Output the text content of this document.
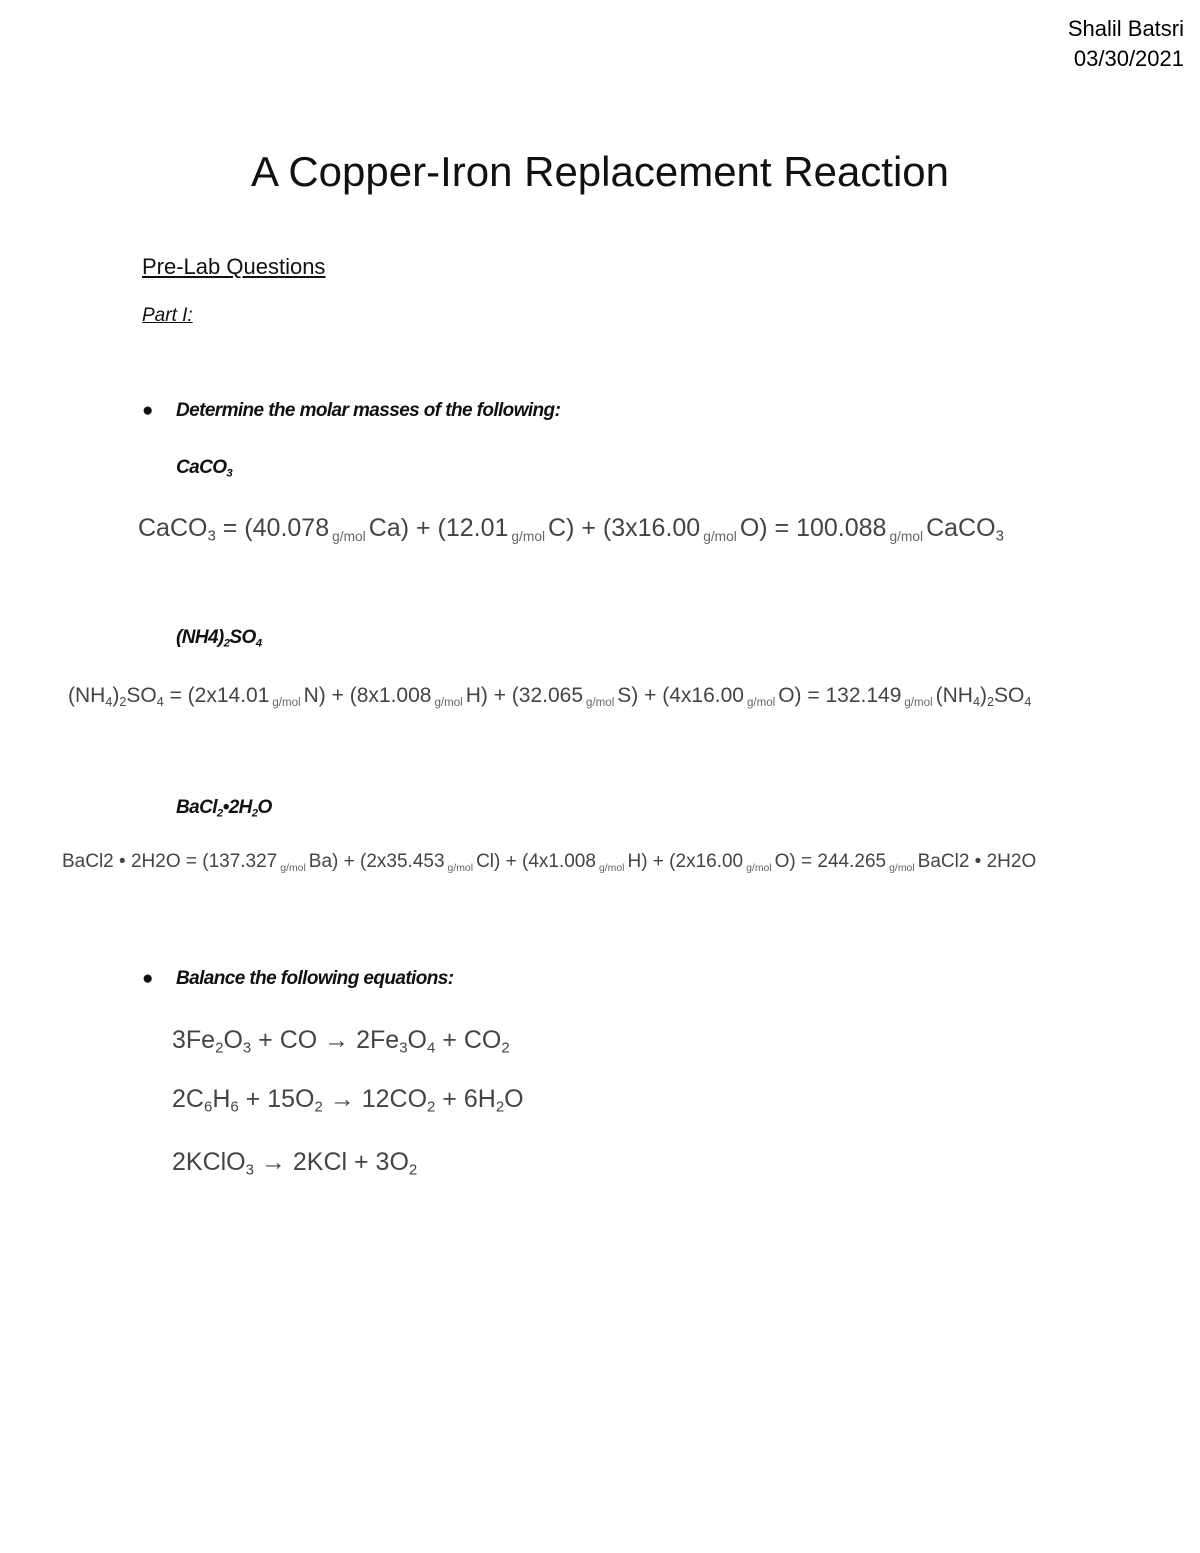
Shalil Batsri
03/30/2021
A Copper-Iron Replacement Reaction
Pre-Lab Questions
Part I:
● Determine the molar masses of the following:
CaCO$_3$
CaCO$_3$ = (40.078 g/mol Ca) + (12.01 g/mol C) + (3x16.00 g/mol O) = 100.088 g/mol CaCO$_3$
$(NH4)_2SO_4$
$(NH_4)_2SO_4 = (2x14.01$ g/mol N) + (8x1.008 g/mol H) + (32.065 g/mol S) + (4x16.00 g/mol O) = 132.149 g/mol $(NH_4)_2SO_4$
$BaCl_2•2H_2O$
BaCl2 • 2H2O = (137.327 g/mol Ba) + (2x35.453 g/mol Cl) + (4x1.008 g/mol H) + (2x16.00 g/mol O) = 244.265 g/mol BaCl2 • 2H2O
● Balance the following equations:
$3Fe_2O_3$ + CO → $2Fe_3O_4 + CO_2$
$2C_6H_6 + 15O_2 \to 12CO_2 + 6H_2O$
2KClO$_3$ → $2KCl + 3O_2$
